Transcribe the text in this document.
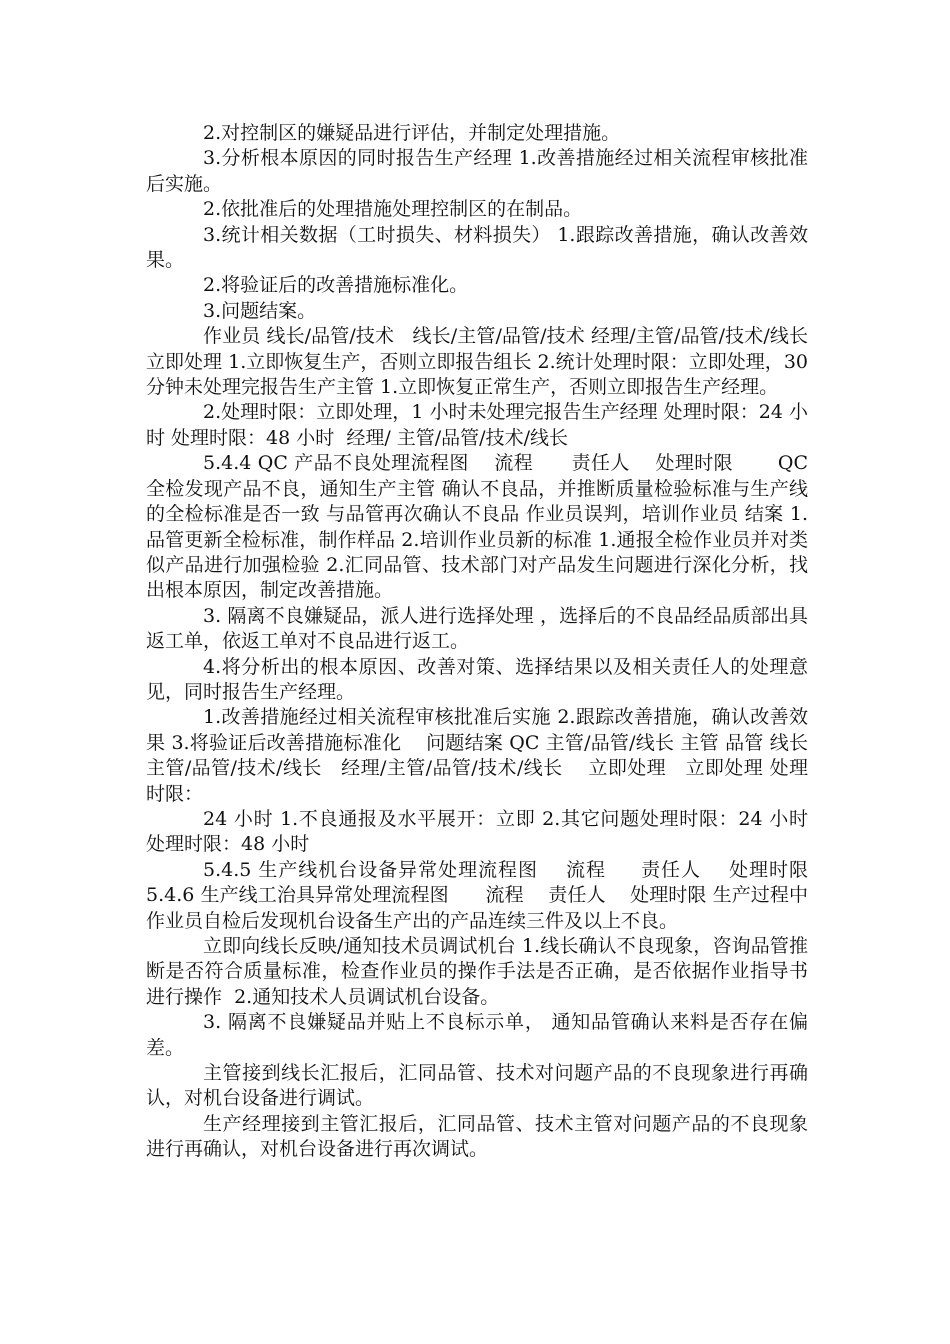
2.对控制区的嫌疑品进行评估，并制定处理措施。

3.分析根本原因的同时报告生产经理 1.改善措施经过相关流程审核批准后实施。

2.依批准后的处理措施处理控制区的在制品。

3.统计相关数据（工时损失、材料损失） 1.跟踪改善措施，确认改善效果。

2.将验证后的改善措施标准化。

3.问题结案。

作业员 线长/品管/技术   线长/主管/品管/技术 经理/主管/品管/技术/线长    立即处理 1.立即恢复生产，否则立即报告组长 2.统计处理时限：立即处理，30 分钟未处理完报告生产主管 1.立即恢复正常生产，否则立即报告生产经理。

2.处理时限：立即处理，1 小时未处理完报告生产经理 处理时限：24 小时 处理时限：48 小时  经理/ 主管/品管/技术/线长

5.4.4 QC 产品不良处理流程图    流程      责任人    处理时限       QC 全检发现产品不良，通知生产主管 确认不良品，并推断质量检验标准与生产线的全检标准是否一致 与品管再次确认不良品 作业员误判，培训作业员 结案 1.品管更新全检标准，制作样品 2.培训作业员新的标准 1.通报全检作业员并对类似产品进行加强检验 2.汇同品管、技术部门对产品发生问题进行深化分析，找出根本原因，制定改善措施。

3. 隔离不良嫌疑品，派人进行选择处理 ，选择后的不良品经品质部出具返工单，依返工单对不良品进行返工。

4.将分析出的根本原因、改善对策、选择结果以及相关责任人的处理意见，同时报告生产经理。

1.改善措施经过相关流程审核批准后实施 2.跟踪改善措施，确认改善效果 3.将验证后改善措施标准化    问题结案 QC 主管/品管/线长 主管 品管 线长 主管/品管/技术/线长   经理/主管/品管/技术/线长    立即处理   立即处理 处理时限：

24 小时 1.不良通报及水平展开：立即 2.其它问题处理时限：24 小时 处理时限：48 小时

5.4.5 生产线机台设备异常处理流程图    流程     责任人    处理时限        5.4.6 生产线工治具异常处理流程图      流程    责任人    处理时限 生产过程中作业员自检后发现机台设备生产出的产品连续三件及以上不良。

立即向线长反映/通知技术员调试机台 1.线长确认不良现象，咨询品管推断是否符合质量标准，检查作业员的操作手法是否正确，是否依据作业指导书进行操作  2.通知技术人员调试机台设备。

3. 隔离不良嫌疑品并贴上不良标示单， 通知品管确认来料是否存在偏差。

主管接到线长汇报后，汇同品管、技术对问题产品的不良现象进行再确认，对机台设备进行调试。

生产经理接到主管汇报后，汇同品管、技术主管对问题产品的不良现象进行再确认，对机台设备进行再次调试。
